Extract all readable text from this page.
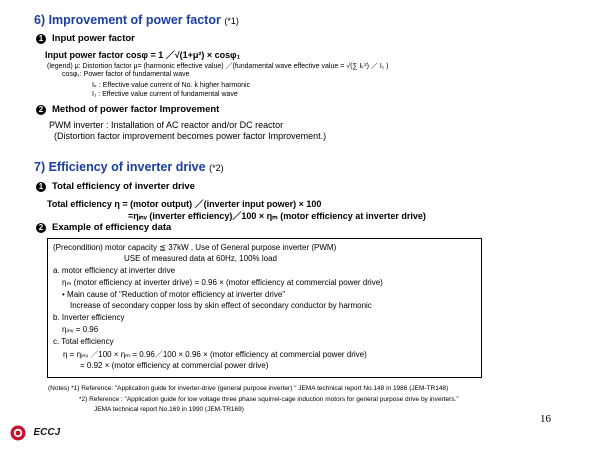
6) Improvement of power factor (*1)
1 Input power factor
Input power factor cosφ = 1 ／√(1+μ²) × cosφ₁
(legend) μ: Distortion factor μ= (harmonic effective value) ／(fundamental wave effective value = √(∑ Iₖ²) ／ I₁ )
cosφ₁: Power factor of fundamental wave
Iₖ : Effective value current of No. k higher harmonic
I₁ : Effective value current of fundamental wave
2 Method of power factor Improvement
PWM inverter : Installation of AC reactor and/or DC reactor
(Distortion factor improvement becomes power factor Improvement.)
7) Efficiency of inverter drive (*2)
1 Total efficiency of inverter drive
Total efficiency η = (motor output) ／(inverter input power) × 100
=ηᵢₙᵥ (inverter efficiency)／100 × ηₘ (motor efficiency at inverter drive)
2 Example of efficiency data
(Precondition) motor capacity ≦ 37kW , Use of General purpose inverter (PWM)
USE of measured data at 60Hz, 100% load
a. motor efficiency at inverter drive
ηₘ (motor efficiency at inverter drive) = 0.96 × (motor efficiency at commercial power drive)
• Main cause of "Reduction of motor efficiency at inverter drive"
Increase of secondary copper loss by skin effect of secondary conductor by harmonic
b. Inverter efficiency
ηᵢₙᵥ = 0.96
c. Total efficiency
η = ηᵢₙᵥ ／100 × ηₘ = 0.96／100 × 0.96 × (motor efficiency at commercial power drive)
= 0.92 × (motor efficiency at commercial power drive)
(Notes) *1) Reference: "Application guide for inverter-drive (general purpose inverter) " JEMA technical report No.148 in 1986 (JEM-TR148)
*2) Reference : "Application guide for low voltage three phase squirrel-cage induction motors for general purpose drive by inverters."
JEMA technical report No.169 in 1990 (JEM-TR169)
16
ECCJ
